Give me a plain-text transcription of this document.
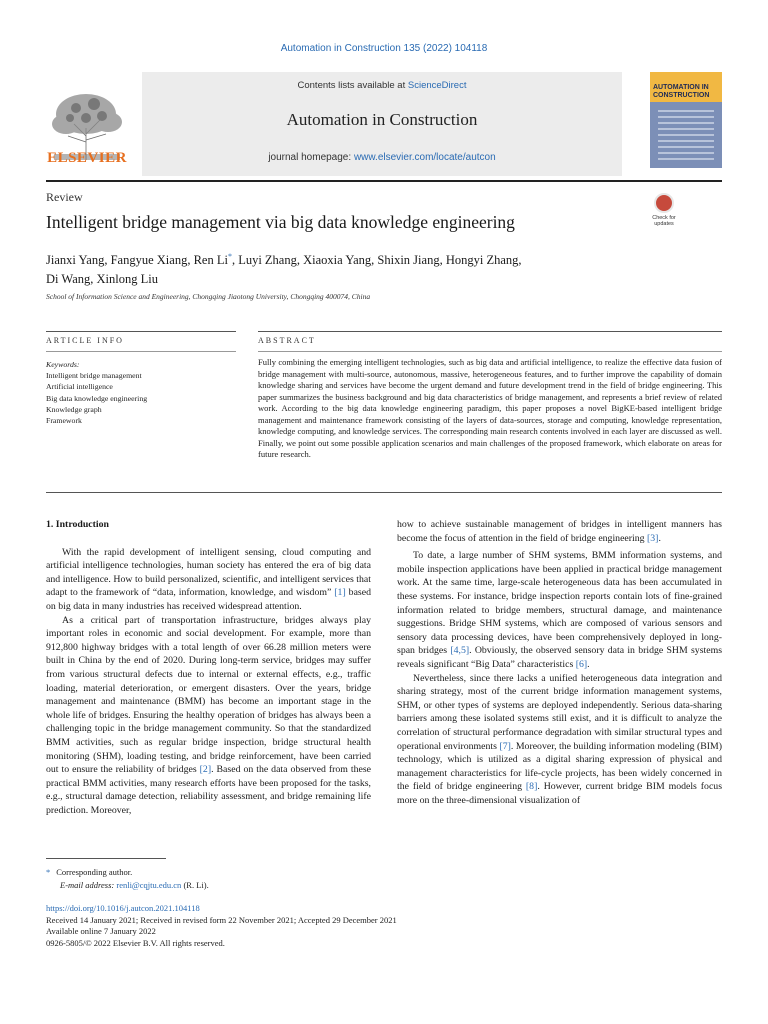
Automation in Construction 135 (2022) 104118
ELSEVIER
Contents lists available at ScienceDirect
Automation in Construction
journal homepage: www.elsevier.com/locate/autcon
AUTOMATION IN CONSTRUCTION
Review
Intelligent bridge management via big data knowledge engineering	Check for updates
Jianxi Yang, Fangyue Xiang, Ren Li*, Luyi Zhang, Xiaoxia Yang, Shixin Jiang, Hongyi Zhang,
Di Wang, Xinlong Liu
School of Information Science and Engineering, Chongqing Jiaotong University, Chongqing 400074, China
ARTICLE INFO	ABSTRACT
Keywords:
Intelligent bridge management
Artificial intelligence
Big data knowledge engineering
Knowledge graph
Framework
Fully combining the emerging intelligent technologies, such as big data and artificial intelligence, to realize the effective data fusion of bridge management with multi-source, autonomous, massive, heterogeneous features, and to further improve the capability of domain knowledge sharing and services have become the urgent demand and future development trend in the field of bridge engineering. This paper summarizes the business background and big data characteristics of bridge management, and represents a brief review of related work. According to the big data knowledge engineering paradigm, this paper proposes a novel BigKE-based intelligent bridge management and maintenance framework consisting of the layers of data-sources, storage and computing, knowledge representation, knowledge computing, and knowledge services. The corresponding main research contents involved in each layer are discussed as well. Finally, we point out some possible application scenarios and main challenges of the proposed framework, which elaborate on areas for future research.
1. Introduction

With the rapid development of intelligent sensing, cloud computing and artificial intelligence technologies, human society has entered the era of big data and intelligence. How to build personalized, scientific, and intelligent services that adapt to the framework of “data, information, knowledge, and wisdom” [1] based on big data in many industries has received widespread attention.

As a critical part of transportation infrastructure, bridges always play important roles in economic and social development. For example, more than 912,800 highway bridges with a total length of over 66.28 million meters were built in China by the end of 2020. During long-term service, bridges may suffer from various structural defects due to internal or external effects, e.g., traffic loading, material deterioration, or emergent disasters. Over the years, bridge management and maintenance (BMM) has become an important stage in the whole life of bridges. Ensuring the healthy operation of bridges has always been a challenging topic in the bridge management community. So that the standardized BMM activities, such as regular bridge inspection, bridge structural health monitoring (SHM), loading testing, and bridge reinforcement, have been carried out to ensure the reliability of bridges [2]. Based on the data observed from these practical BMM activities, many research efforts have been proposed for the tasks, e.g., structural damage detection, reliability assessment, and bridge remaining life prediction. Moreover,

how to achieve sustainable management of bridges in intelligent manners has become the focus of attention in the field of bridge engineering [3].

To date, a large number of SHM systems, BMM information systems, and mobile inspection applications have been applied in practical bridge management work. At the same time, large-scale heterogeneous data has been accumulated in these systems. For instance, bridge inspection reports contain lots of fine-grained information related to bridge members, structural damage, and maintenance suggestions. Bridge SHM systems, which are composed of various sensors and sensory data processing devices, have been comprehensively deployed in long-span bridges [4,5]. Obviously, the observed sensory data in bridge SHM systems reveals significant “Big Data” characteristics [6].

Nevertheless, since there lacks a unified heterogeneous data integration and sharing strategy, most of the current bridge information management systems, SHM, or other types of systems are deployed independently. Serious data-sharing barriers among these isolated systems still exist, and it is difficult to analyze the correlation of structural performance degradation with similar structural types and operational environments [7]. Moreover, the building information modeling (BIM) technology, which is utilized as a digital sharing expression of physical and management characteristics for life-cycle projects, has been widely concerned in the field of bridge engineering [8]. However, current bridge BIM models focus more on the three-dimensional visualization of

* Corresponding author.
E-mail address: renli@cqjtu.edu.cn (R. Li).
https://doi.org/10.1016/j.autcon.2021.104118
Received 14 January 2021; Received in revised form 22 November 2021; Accepted 29 December 2021
Available online 7 January 2022
0926-5805/© 2022 Elsevier B.V. All rights reserved.
